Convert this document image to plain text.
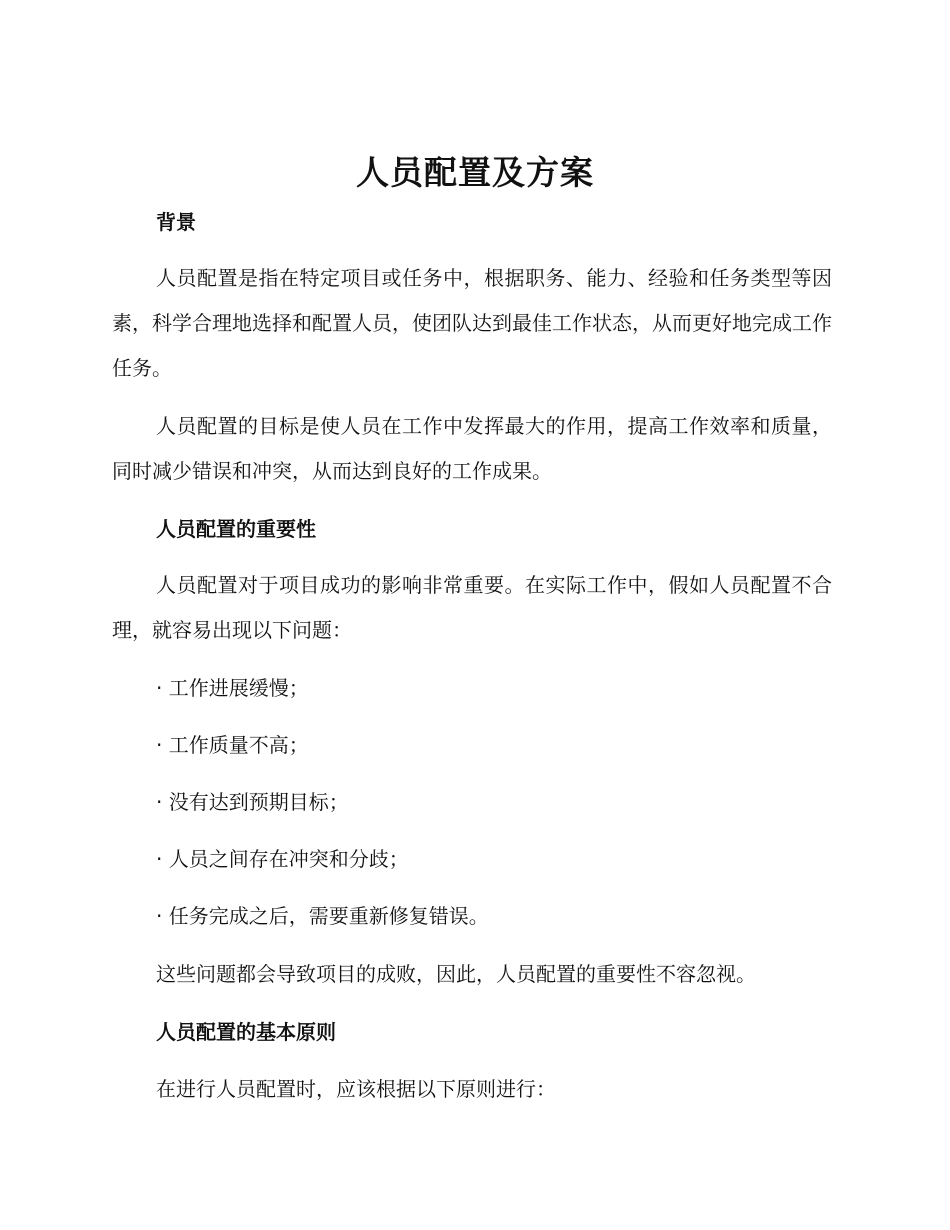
人员配置及方案
背景

人员配置是指在特定项目或任务中，根据职务、能力、经验和任务类型等因素，科学合理地选择和配置人员，使团队达到最佳工作状态，从而更好地完成工作任务。

人员配置的目标是使人员在工作中发挥最大的作用，提高工作效率和质量，同时减少错误和冲突，从而达到良好的工作成果。

人员配置的重要性

人员配置对于项目成功的影响非常重要。在实际工作中，假如人员配置不合理，就容易出现以下问题：

· 工作进展缓慢；

· 工作质量不高；

· 没有达到预期目标；

· 人员之间存在冲突和分歧；

· 任务完成之后，需要重新修复错误。

这些问题都会导致项目的成败，因此，人员配置的重要性不容忽视。

人员配置的基本原则

在进行人员配置时，应该根据以下原则进行：
